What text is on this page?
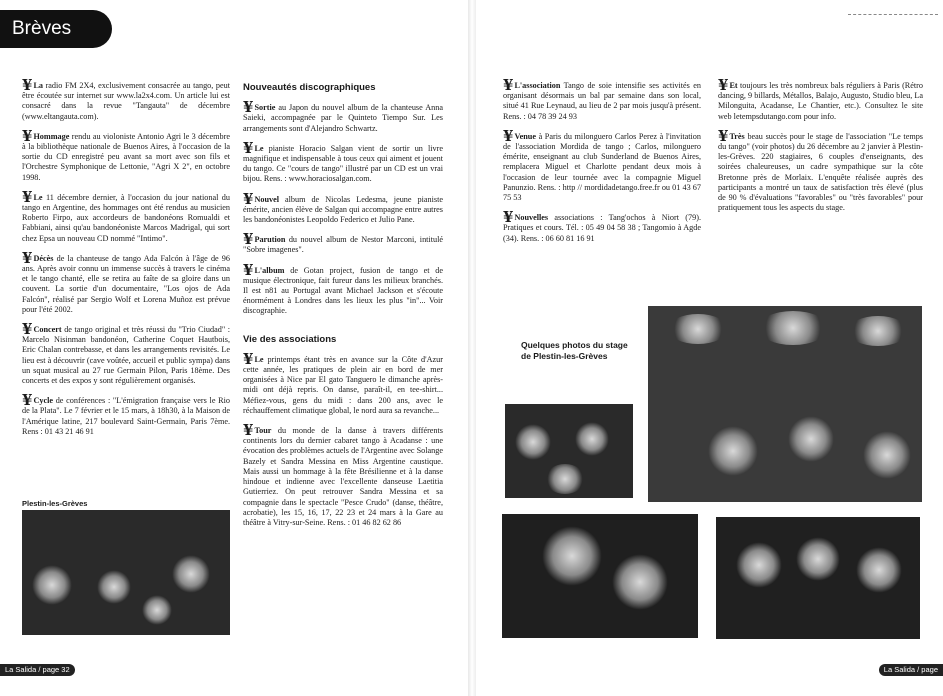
Brèves

¥La radio FM 2X4, exclusivement consacrée au tango, peut être écoutée sur internet sur www.la2x4.com. Un article lui est consacré dans la revue "Tangauta" de décembre (www.eltangauta.com).

¥Hommage rendu au violoniste Antonio Agri le 3 décembre à la bibliothèque nationale de Buenos Aires, à l'occasion de la sortie du CD enregistré peu avant sa mort avec son fils et l'Orchestre Symphonique de Lettonie, "Agri X 2", en octobre 1998.

¥Le 11 décembre dernier, à l'occasion du jour national du tango en Argentine, des hommages ont été rendus au musicien Roberto Firpo, aux accordeurs de bandonéons Romualdi et Fabbiani, ainsi qu'au bandonéoniste Marcos Madrigal, qui sort chez Epsa un nouveau CD nommé "Intimo".

¥Décès de la chanteuse de tango Ada Falcón à l'âge de 96 ans. Après avoir connu un immense succès à travers le cinéma et le tango chanté, elle se retira au faîte de sa gloire dans un couvent. La sortie d'un documentaire, "Los ojos de Ada Falcón", réalisé par Sergio Wolf et Lorena Muñoz est prévue pour l'été 2002.

¥Concert de tango original et très réussi du "Trio Ciudad" : Marcelo Nisinman bandonéon, Catherine Coquet Hautbois, Eric Chalan contrebasse, et dans les arrangements revisités. Le lieu est à découvrir (cave voûtée, accueil et public sympa) dans un squat musical au 27 rue Germain Pilon, Paris 18ème. Des concerts et des expos y sont régulièrement organisés.

¥Cycle de conférences : "L'émigration française vers le Rio de la Plata". Le 7 février et le 15 mars, à 18h30, à la Maison de l'Amérique latine, 217 boulevard Saint-Germain, Paris 7ème. Rens : 01 43 21 46 91

Plestin-les-Grèves
Nouveautés discographiques

¥Sortie au Japon du nouvel album de la chanteuse Anna Saieki, accompagnée par le Quinteto Tiempo Sur. Les arrangements sont d'Alejandro Schwartz.

¥Le pianiste Horacio Salgan vient de sortir un livre magnifique et indispensable à tous ceux qui aiment et jouent du tango. Ce "cours de tango" illustré par un CD est un vrai bijou. Rens. : www.horaciosalgan.com.

¥Nouvel album de Nicolas Ledesma, jeune pianiste émérite, ancien élève de Salgan qui accompagne entre autres les bandonéonistes Leopoldo Federico et Julio Pane.

¥Parution du nouvel album de Nestor Marconi, intitulé "Sobre imagenes".

¥L'album de Gotan project, fusion de tango et de musique électronique, fait fureur dans les milieux branchés. Il est n81 au Portugal avant Michael Jackson et s'écoute énormément à Londres dans les lieux les plus "in"... Voir discographie.

Vie des associations

¥Le printemps étant très en avance sur la Côte d'Azur cette année, les pratiques de plein air en bord de mer organisées à Nice par El gato Tanguero le dimanche après-midi ont déjà repris. On danse, paraît-il, en tee-shirt... Méfiez-vous, gens du midi : dans 200 ans, avec le réchauffement climatique global, le nord aura sa revanche...

¥Tour du monde de la danse à travers différents continents lors du dernier cabaret tango à Acadanse : une évocation des problèmes actuels de l'Argentine avec Solange Bazely et Sandra Messina en Miss Argentine caustique. Mais aussi un hommage à la fête Brésilienne et à la danse hindoue et indienne avec l'excellente danseuse Laetitia Gutierriez. On peut retrouver Sandra Messina et sa compagnie dans le spectacle "Pesce Crudo" (danse, théâtre, acrobatie), les 15, 16, 17, 22 23 et 24 mars à la Gare au théâtre à Vitry-sur-Seine. Rens. : 01 46 82 62 86

¥L'association Tango de soie intensifie ses activités en organisant désormais un bal par semaine dans son local, situé 41 Rue Leynaud, au lieu de 2 par mois jusqu'à présent. Rens. : 04 78 39 24 93

¥Venue à Paris du milonguero Carlos Perez à l'invitation de l'association Mordida de tango ; Carlos, milonguero émérite, enseignant au club Sunderland de Buenos Aires, remplacera Miguel et Charlotte pendant deux mois à l'occasion de leur tournée avec la compagnie Miguel Panunzio. Rens. : http // mordidadetango.free.fr ou 01 43 67 75 53

¥Nouvelles associations : Tang'ochos à Niort (79). Pratiques et cours. Tél. : 05 49 04 58 38 ; Tangomio à Agde (34). Rens. : 06 60 81 16 91

¥Et toujours les très nombreux bals réguliers à Paris (Rétro dancing, 9 billards, Métallos, Balajo, Augusto, Studio bleu, La Milonguita, Acadanse, Le Chantier, etc.). Consultez le site web letempsdutango.com pour info.

¥Très beau succès pour le stage de l'association "Le temps du tango" (voir photos) du 26 décembre au 2 janvier à Plestin-les-Grèves. 220 stagiaires, 6 couples d'enseignants, des soirées chaleureuses, un cadre sympathique sur la côte Bretonne près de Morlaix. L'enquête réalisée auprès des participants a montré un taux de satisfaction très élevé (plus de 90 % d'évaluations "favorables" ou "très favorables" pour pratiquement tous les aspects du stage.

Quelques photos du stage
de Plestin-les-Grèves
La Salida / page 32	La Salida / page
